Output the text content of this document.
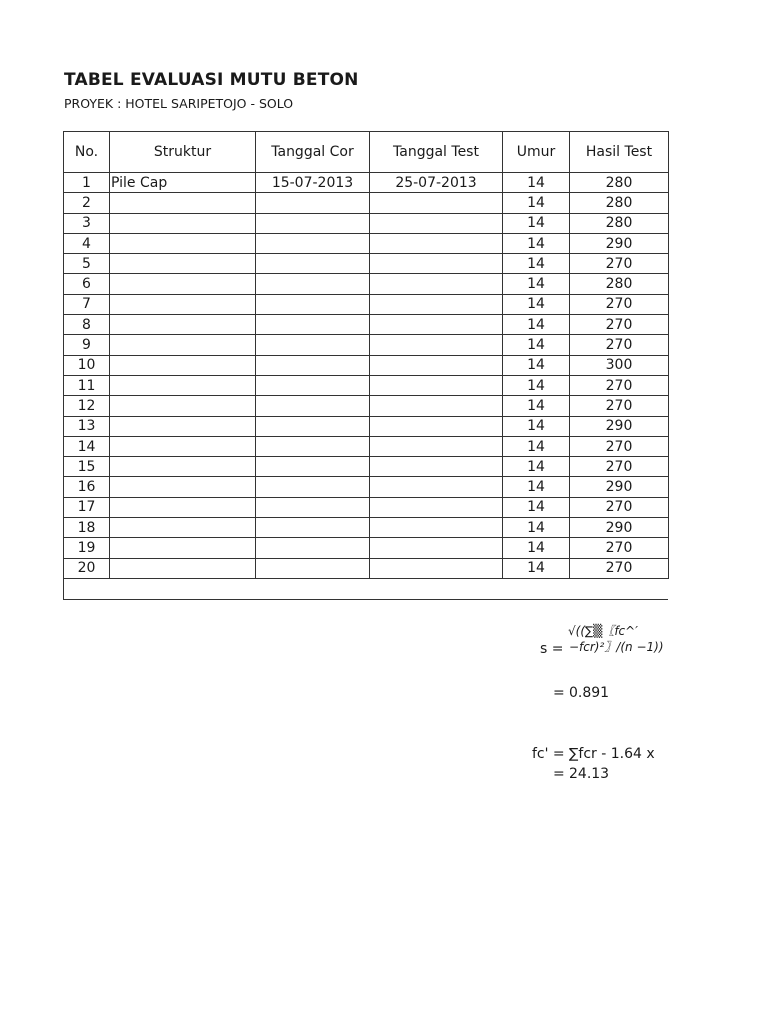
TABEL EVALUASI MUTU BETON
PROYEK : HOTEL SARIPETOJO - SOLO
No.	Struktur	Tanggal Cor	Tanggal Test	Umur	Hasil Test
1	Pile Cap	15-07-2013	25-07-2013	14	280
2				14	280
3				14	280
4				14	290
5				14	270
6				14	280
7				14	270
8				14	270
9				14	270
10				14	300
11				14	270
12				14	270
13				14	290
14				14	270
15				14	270
16				14	290
17				14	270
18				14	290
19				14	270
20				14	270
√((∑▒〖fc^′
−fcr)²〗/(n −1))
s =
= 0.891
fc' = ∑fcr - 1.64 x
= 24.13
